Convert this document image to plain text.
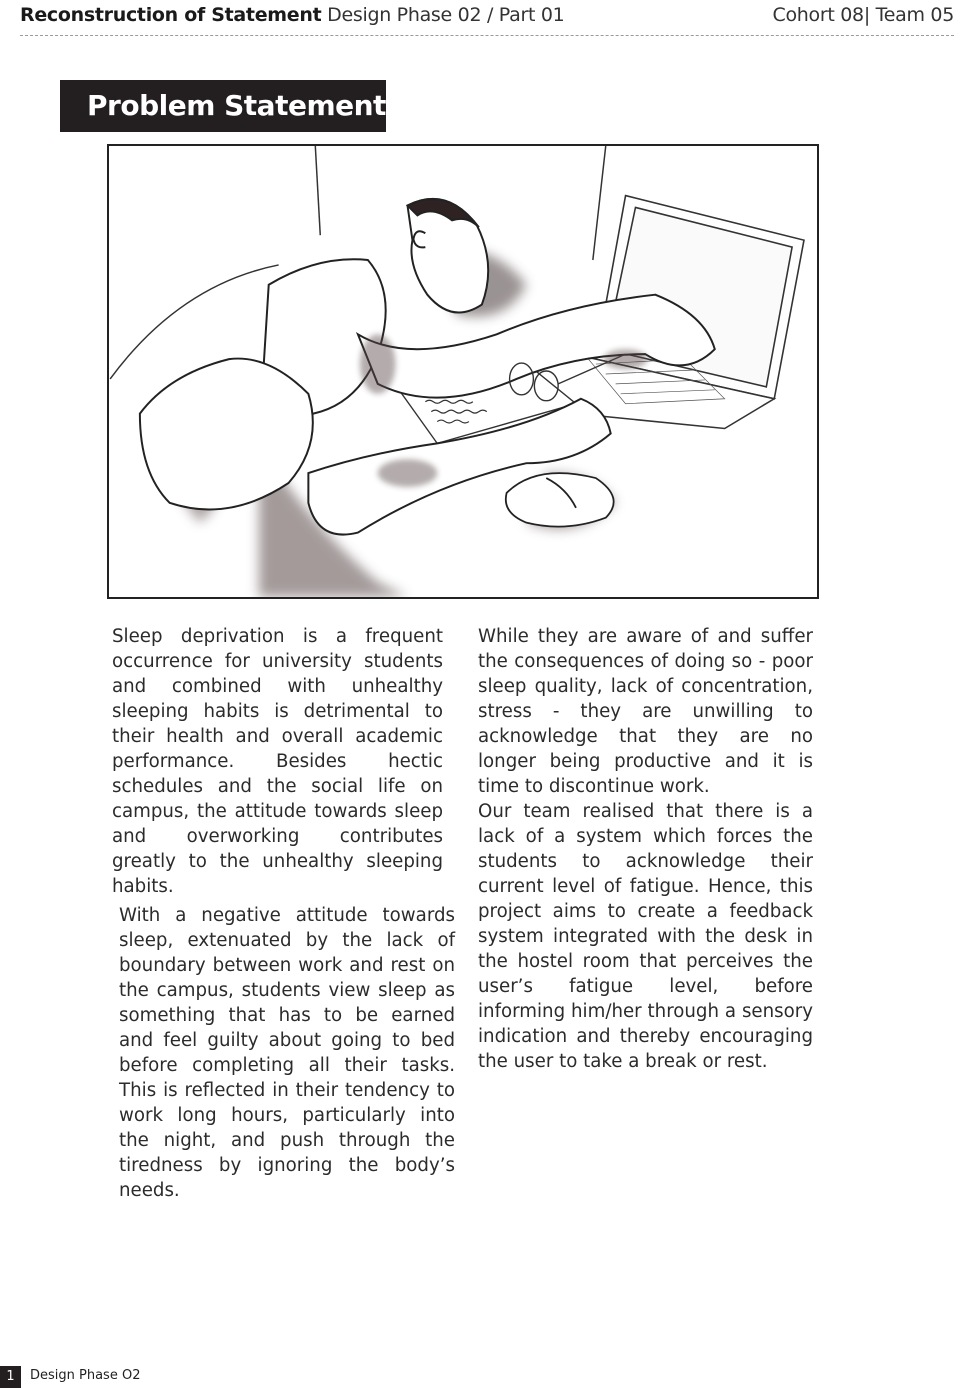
Reconstruction of Statement Design Phase 02 / Part 01	Cohort 08| Team 05
Problem Statement

Sleep deprivation is a frequent occurrence for university students and combined with unhealthy sleeping habits is detrimental to their health and overall academic performance. Besides hectic schedules and the social life on campus, the attitude towards sleep and overworking contributes greatly to the unhealthy sleeping habits.

With a negative attitude towards sleep, extenuated by the lack of boundary between work and rest on the campus, students view sleep as something that has to be earned and feel guilty about going to bed before completing all their tasks. This is reflected in their tendency to work long hours, particularly into the night, and push through the tiredness by ignoring the body’s needs.

While they are aware of and suffer the consequences of doing so - poor sleep quality, lack of concentration, stress - they are unwilling to acknowledge that they are no longer being productive and it is time to discontinue work.

Our team realised that there is a lack of a system which forces the students to acknowledge their current level of fatigue. Hence, this project aims to create a feedback system integrated with the desk in the hostel room that perceives the user’s fatigue level, before informing him/her through a sensory indication and thereby encouraging the user to take a break or rest.

1	Design Phase O2
